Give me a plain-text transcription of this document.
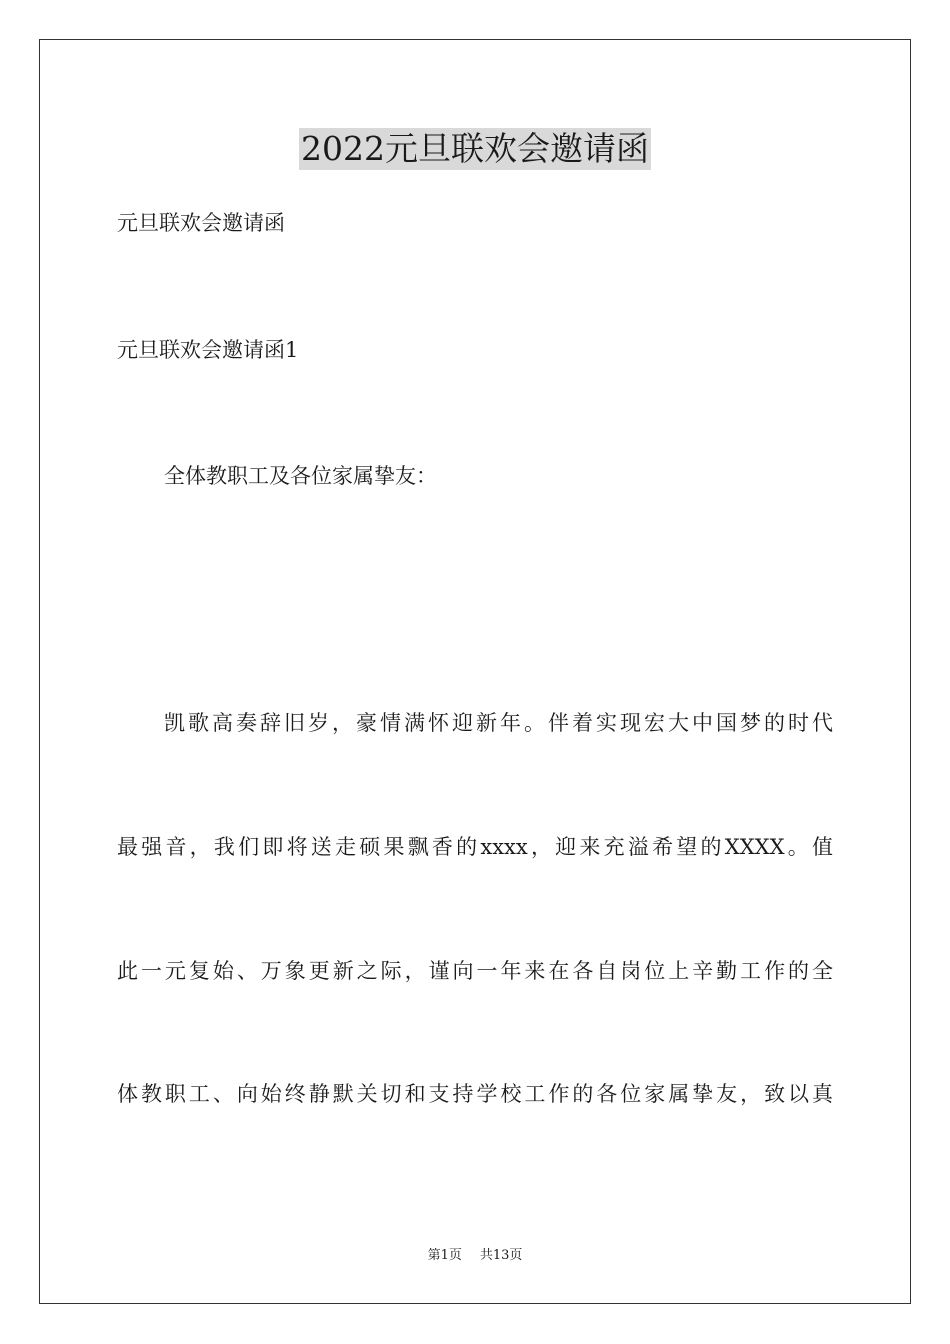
2022元旦联欢会邀请函
元旦联欢会邀请函
元旦联欢会邀请函1
全体教职工及各位家属挚友：
凯歌高奏辞旧岁，豪情满怀迎新年。伴着实现宏大中国梦的时代
最强音，我们即将送走硕果飘香的xxxx，迎来充溢希望的XXXX。值
此一元复始、万象更新之际，谨向一年来在各自岗位上辛勤工作的全
体教职工、向始终静默关切和支持学校工作的各位家属挚友，致以真
第1页 共13页
